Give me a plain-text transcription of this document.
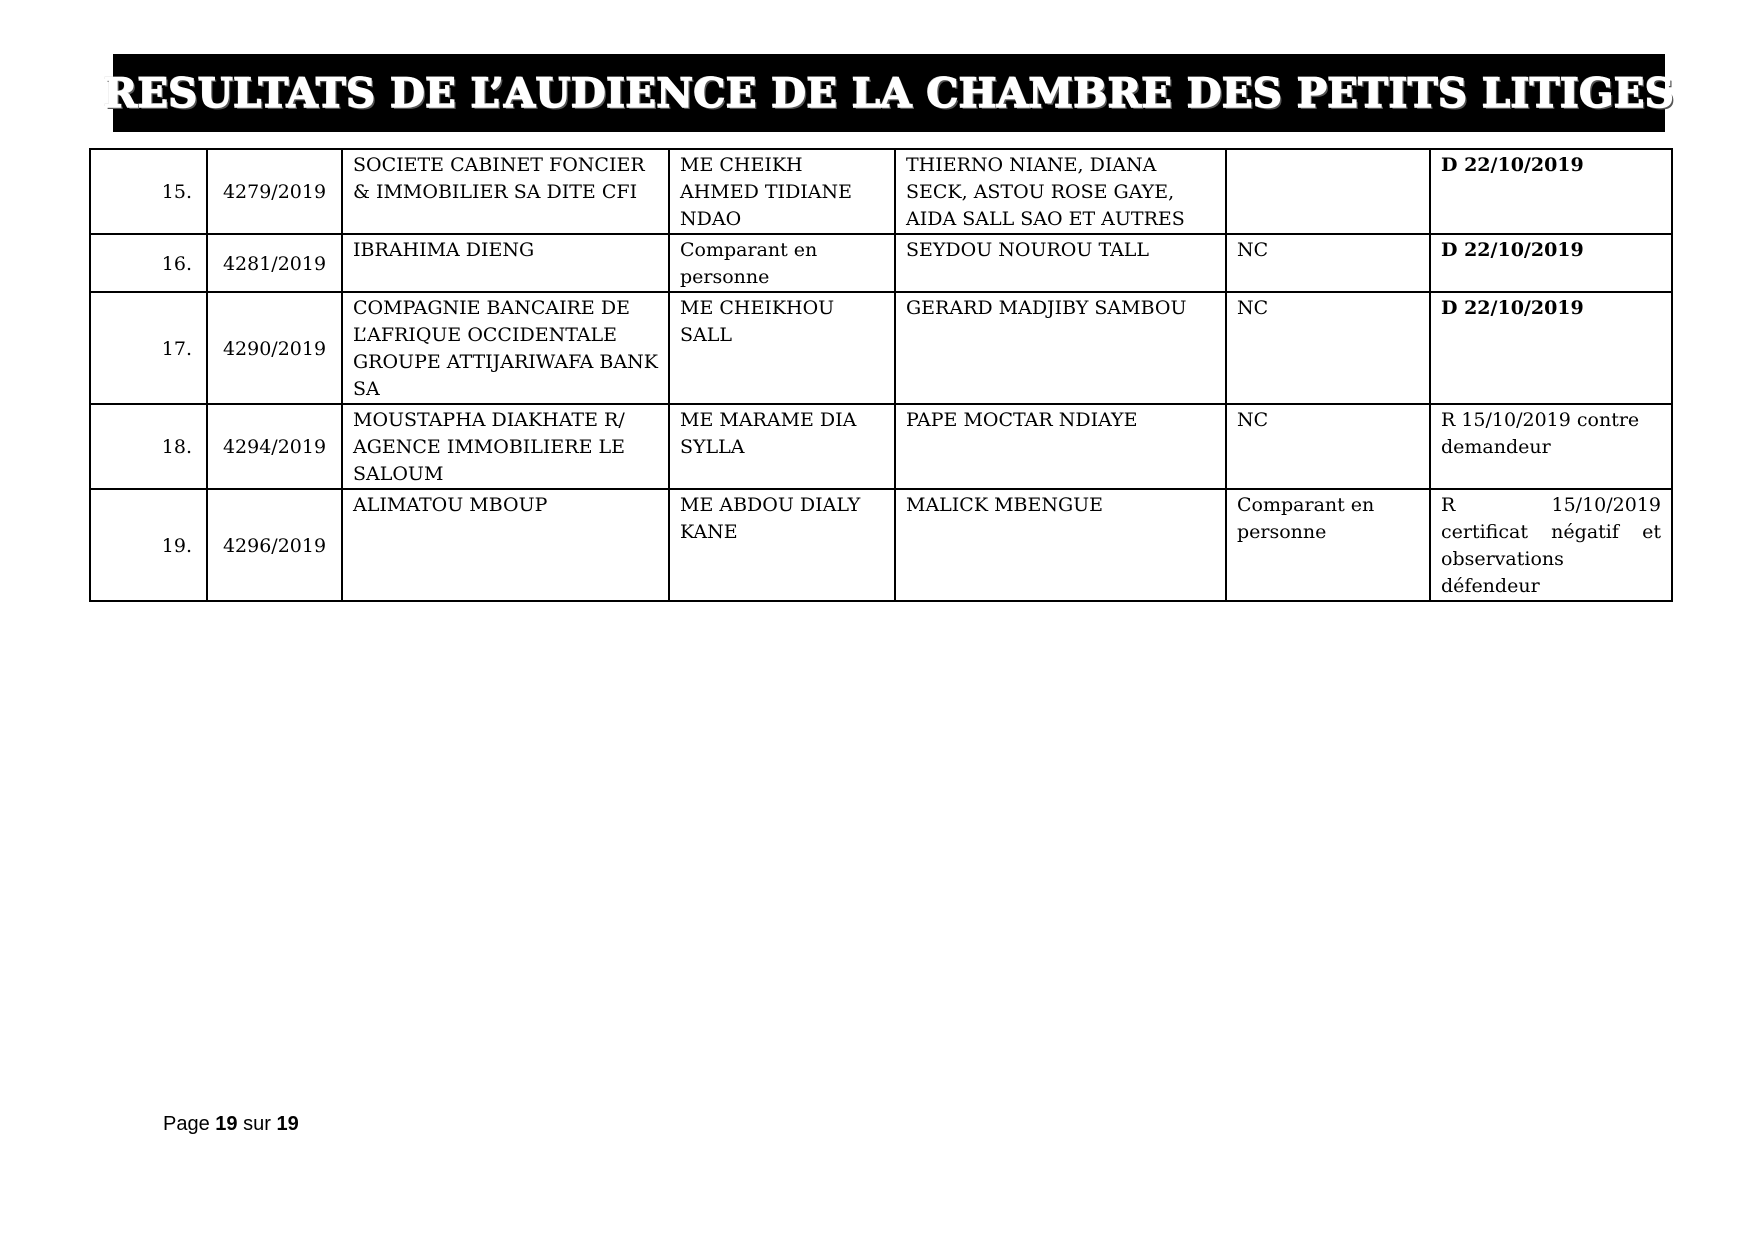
RESULTATS DE L’AUDIENCE DE LA CHAMBRE DES PETITS LITIGES
15.	4279/2019	SOCIETE CABINET FONCIER & IMMOBILIER SA DITE CFI	ME CHEIKH AHMED TIDIANE NDAO	THIERNO NIANE, DIANA SECK, ASTOU ROSE GAYE, AIDA SALL SAO ET AUTRES		D 22/10/2019
16.	4281/2019	IBRAHIMA DIENG	Comparant en personne	SEYDOU NOUROU TALL	NC	D 22/10/2019
17.	4290/2019	COMPAGNIE BANCAIRE DE L’AFRIQUE OCCIDENTALE GROUPE ATTIJARIWAFA BANK SA	ME CHEIKHOU SALL	GERARD MADJIBY SAMBOU	NC	D 22/10/2019
18.	4294/2019	MOUSTAPHA DIAKHATE R/ AGENCE IMMOBILIERE LE SALOUM	ME MARAME DIA SYLLA	PAPE MOCTAR NDIAYE	NC	R 15/10/2019 contre demandeur
19.	4296/2019	ALIMATOU MBOUP	ME ABDOU DIALY KANE	MALICK MBENGUE	Comparant en personne	R 15/10/2019 certificat négatif et observations défendeur
Page 19 sur 19
